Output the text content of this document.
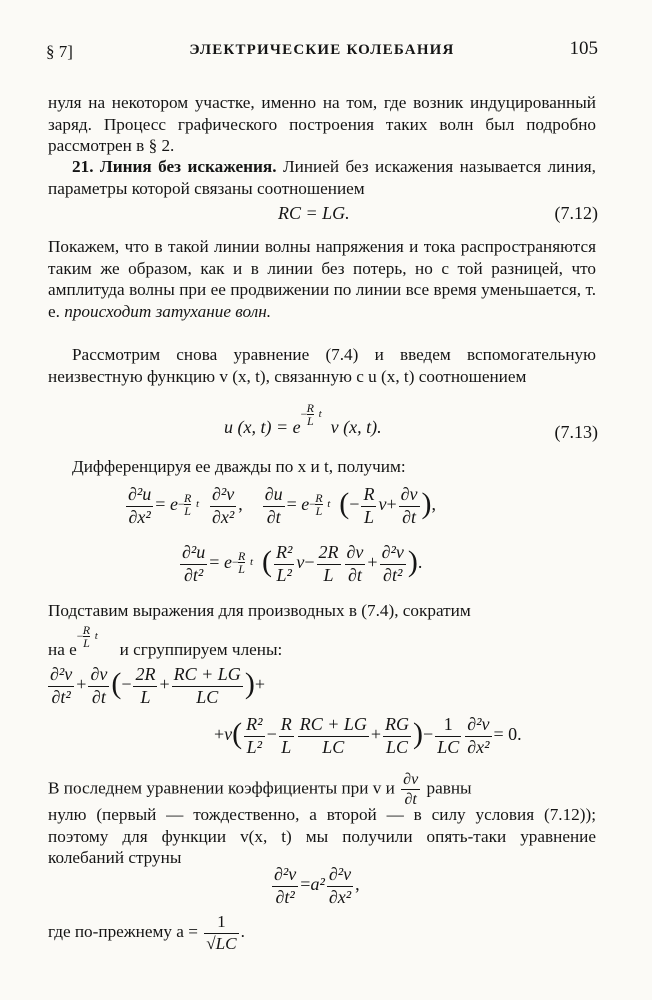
§ 7]	ЭЛЕКТРИЧЕСКИЕ КОЛЕБАНИЯ	105
нуля на некотором участке, именно на том, где возник индуцированный заряд. Процесс графического построения таких волн был подробно рассмотрен в § 2.
21. Линия без искажения. Линией без искажения называется линия, параметры которой связаны соотношением
RC = LG.	(7.12)
Покажем, что в такой линии волны напряжения и тока распространяются таким же образом, как и в линии без потерь, но с той разницей, что амплитуда волны при ее продвижении по линии все время уменьшается, т. е. происходит затухание волн.
Рассмотрим снова уравнение (7.4) и введем вспомогательную неизвестную функцию v (x, t), связанную с u (x, t) соотношением
u (x, t) = e
− $\frac{R}{L}$ t
v (x, t).	(7.13)
Дифференцируя ее дважды по x и t, получим:
$\frac{\text{∂²u}}{\text{∂x²}} = e - R$
L t $\frac{\text{∂²v}}{\text{∂x²}}$ , $\frac{\partial u}{\partial t} = e - R$
L t (− $\frac{R}{L} v+ \frac{\partial v}{\partial t}$ ),
$\frac{\text{∂²u}}{\text{∂t²}} = e - R$
L t ( $\frac{\text{R²}}{\text{L²}} v- \frac{2R}{L} \frac{\partial v}{\partial t} + \frac{\text{∂²v}}{\text{∂t²}}$ ).
Подставим выражения для производных в (7.4), сократим
на e
− R
L t
и сгруппируем члены:
$\frac{\text{∂²v}}{\text{∂t²}} + \frac{\partial v}{\partial t}$ (− $\frac{2R}{L} + \frac{RC + LG}{LC}$ )+
$+v( \frac{\text{R²}}{\text{L²}} - \frac{R}{L} \frac{RC + LG}{LC} + \frac{RG}{LC}$ )− $\frac{1}{LC} \frac{\text{∂²v}}{\text{∂x²}} = 0$.
В последнем уравнении коэффициенты при v и $\frac{\partial v}{\partial t}$ равны
нулю (первый — тождественно, а второй — в силу условия (7.12)); поэтому для функции v(x, t) мы получили опять-таки уравнение колебаний струны
$\frac{\text{∂²v}}{\text{∂t²}} =a^2 \frac{\text{∂²v}}{\text{∂x²}}$ ,
где по-прежнему $a = \frac{1}{√LC}$ .
